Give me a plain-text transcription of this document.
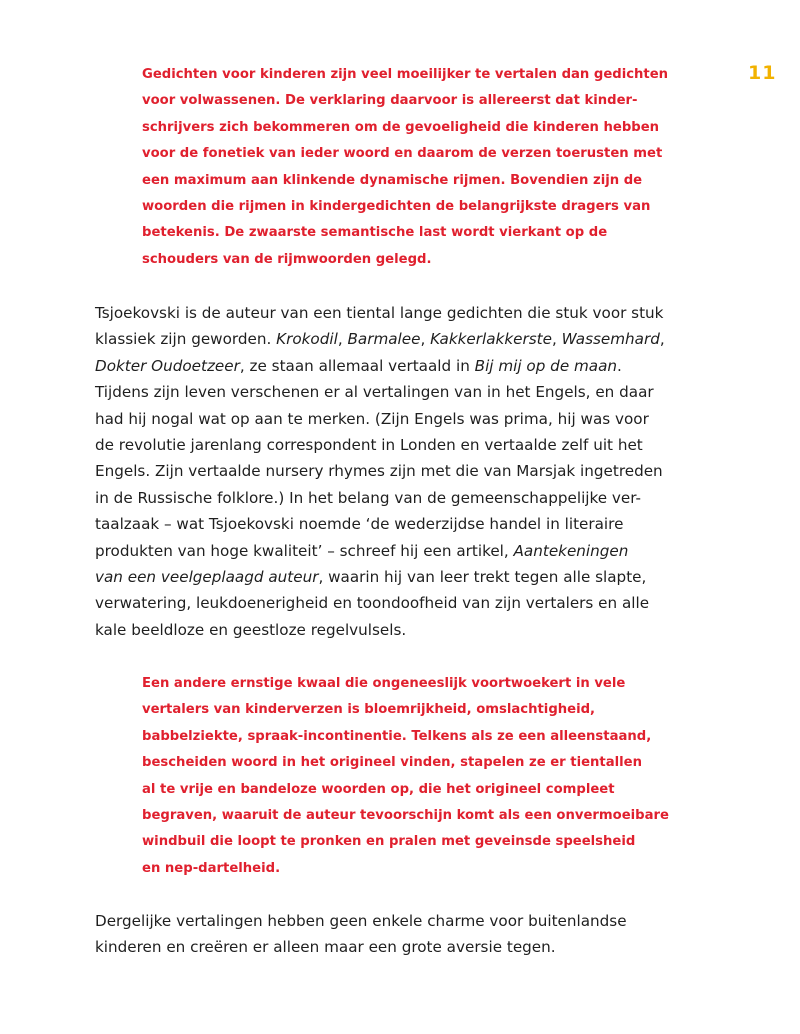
11
Gedichten voor kinderen zijn veel moeilijker te vertalen dan gedichten
voor volwassenen. De verklaring daarvoor is allereerst dat kinder-
schrijvers zich bekommeren om de gevoeligheid die kinderen hebben
voor de fonetiek van ieder woord en daarom de verzen toerusten met
een maximum aan klinkende dynamische rijmen. Bovendien zijn de
woorden die rijmen in kindergedichten de belangrijkste dragers van
betekenis. De zwaarste semantische last wordt vierkant op de
schouders van de rijmwoorden gelegd.
Tsjoekovski is de auteur van een tiental lange gedichten die stuk voor stuk
klassiek zijn geworden. Krokodil, Barmalee, Kakkerlakkerste, Wassemhard,
Dokter Oudoetzeer, ze staan allemaal vertaald in Bij mij op de maan.
Tijdens zijn leven verschenen er al vertalingen van in het Engels, en daar
had hij nogal wat op aan te merken. (Zijn Engels was prima, hij was voor
de revolutie jarenlang correspondent in Londen en vertaalde zelf uit het
Engels. Zijn vertaalde nursery rhymes zijn met die van Marsjak ingetreden
in de Russische folklore.) In het belang van de gemeenschappelijke ver-
taalzaak – wat Tsjoekovski noemde ‘de wederzijdse handel in literaire
produkten van hoge kwaliteit’ – schreef hij een artikel, Aantekeningen
van een veelgeplaagd auteur, waarin hij van leer trekt tegen alle slapte,
verwatering, leukdoenerigheid en toondoofheid van zijn vertalers en alle
kale beeldloze en geestloze regelvulsels.
Een andere ernstige kwaal die ongeneeslijk voortwoekert in vele
vertalers van kinderverzen is bloemrijkheid, omslachtigheid,
babbelziekte, spraak-incontinentie. Telkens als ze een alleenstaand,
bescheiden woord in het origineel vinden, stapelen ze er tientallen
al te vrije en bandeloze woorden op, die het origineel compleet
begraven, waaruit de auteur tevoorschijn komt als een onvermoeibare
windbuil die loopt te pronken en pralen met geveinsde speelsheid
en nep-dartelheid.
Dergelijke vertalingen hebben geen enkele charme voor buitenlandse
kinderen en creëren er alleen maar een grote aversie tegen.
